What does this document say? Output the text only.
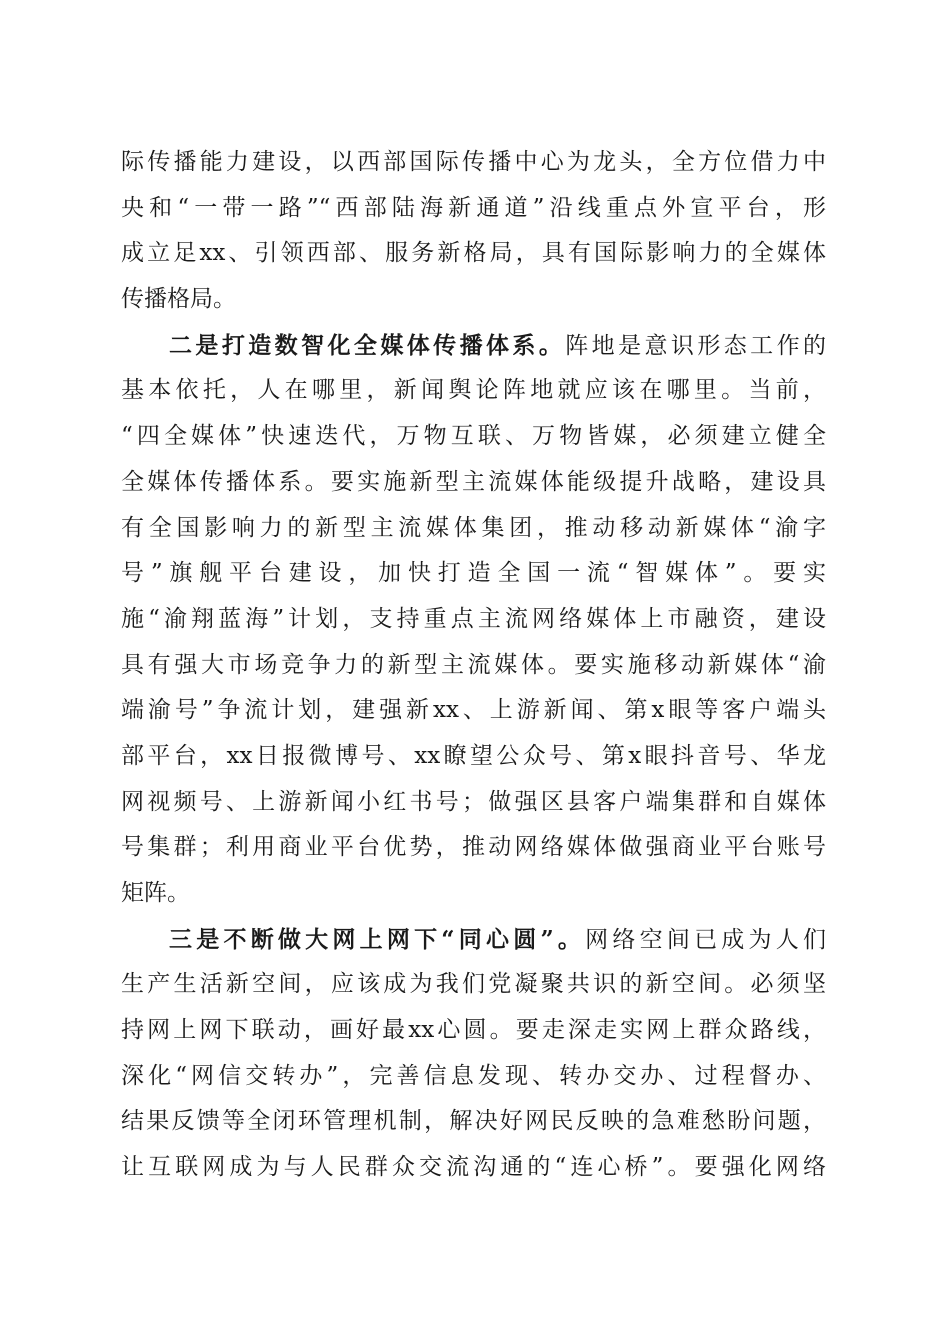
际传播能力建设，以西部国际传播中心为龙头，全方位借力中
央和“一带一路”“西部陆海新通道”沿线重点外宣平台，形
成立足xx、引领西部、服务新格局，具有国际影响力的全媒体
传播格局。
二是打造数智化全媒体传播体系。阵地是意识形态工作的
基本依托，人在哪里，新闻舆论阵地就应该在哪里。当前，
“四全媒体”快速迭代，万物互联、万物皆媒，必须建立健全
全媒体传播体系。要实施新型主流媒体能级提升战略，建设具
有全国影响力的新型主流媒体集团，推动移动新媒体“渝字
号”旗舰平台建设，加快打造全国一流“智媒体”。要实
施“渝翔蓝海”计划，支持重点主流网络媒体上市融资，建设
具有强大市场竞争力的新型主流媒体。要实施移动新媒体“渝
端渝号”争流计划，建强新xx、上游新闻、第x眼等客户端头
部平台，xx日报微博号、xx瞭望公众号、第x眼抖音号、华龙
网视频号、上游新闻小红书号；做强区县客户端集群和自媒体
号集群；利用商业平台优势，推动网络媒体做强商业平台账号
矩阵。
三是不断做大网上网下“同心圆”。网络空间已成为人们
生产生活新空间，应该成为我们党凝聚共识的新空间。必须坚
持网上网下联动，画好最xx心圆。要走深走实网上群众路线，
深化“网信交转办”，完善信息发现、转办交办、过程督办、
结果反馈等全闭环管理机制，解决好网民反映的急难愁盼问题，
让互联网成为与人民群众交流沟通的“连心桥”。要强化网络
